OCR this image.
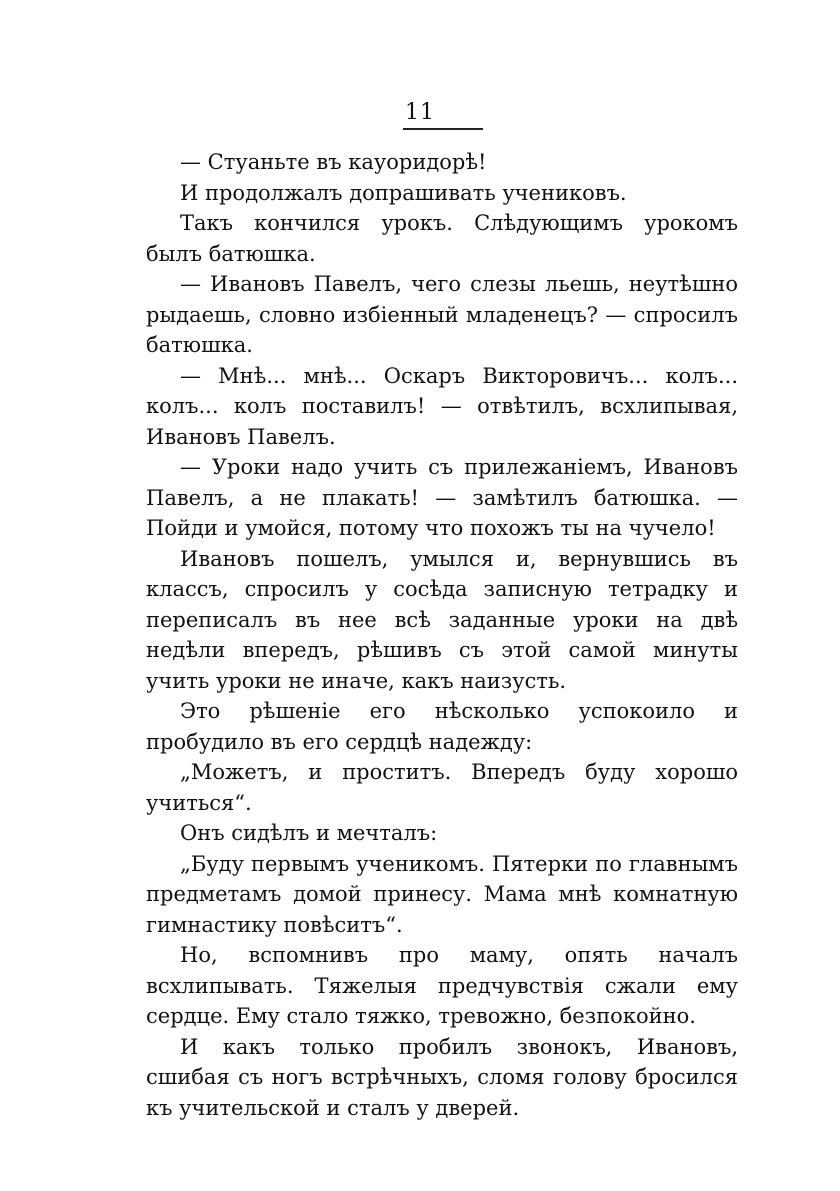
11

— Стуаньте въ кауоридорѣ!

И продолжалъ допрашивать учениковъ.

Такъ кончился урокъ. Слѣдующимъ урокомъ былъ батюшка.

— Ивановъ Павелъ, чего слезы льешь, неутѣшно рыдаешь, словно избіенный младенецъ? — спросилъ батюшка.

— Мнѣ... мнѣ... Оскаръ Викторовичъ... колъ... колъ... колъ поставилъ! — отвѣтилъ, всхлипывая, Ивановъ Павелъ.

— Уроки надо учить съ прилежаніемъ, Ивановъ Павелъ, а не плакать! — замѣтилъ батюшка. — Пойди и умойся, потому что похожъ ты на чучело!

Ивановъ пошелъ, умылся и, вернувшись въ классъ, спросилъ у сосѣда записную тетрадку и переписалъ въ нее всѣ заданные уроки на двѣ недѣли впередъ, рѣшивъ съ этой самой минуты учить уроки не иначе, какъ наизусть.

Это рѣшеніе его нѣсколько успокоило и пробудило въ его сердцѣ надежду:

„Можетъ, и проститъ. Впередъ буду хорошо учиться“.

Онъ сидѣлъ и мечталъ:

„Буду первымъ ученикомъ. Пятерки по главнымъ предметамъ домой принесу. Мама мнѣ комнатную гимнастику повѣситъ“.

Но, вспомнивъ про маму, опять началъ всхлипывать. Тяжелыя предчувствія сжали ему сердце. Ему стало тяжко, тревожно, безпокойно.

И какъ только пробилъ звонокъ, Ивановъ, сшибая съ ногъ встрѣчныхъ, сломя голову бросился къ учительской и сталъ у дверей.
